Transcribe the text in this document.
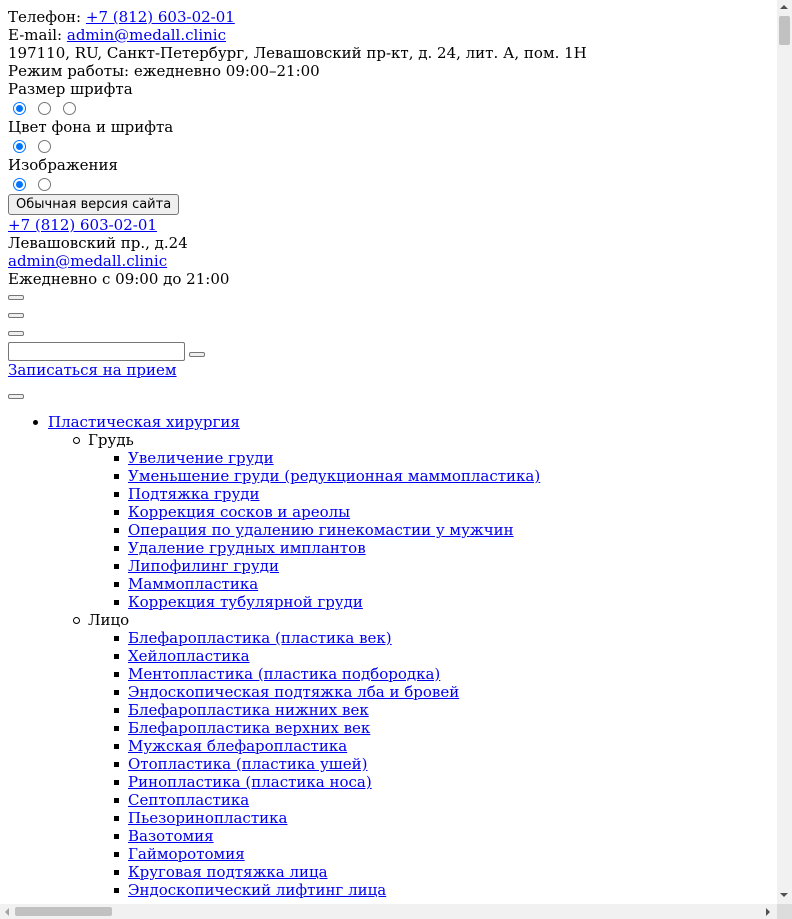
Телефон: +7 (812) 603-02-01
E-mail: admin@medall.clinic
197110, RU, Санкт-Петербург, Левашовский пр-кт, д. 24, лит. А, пом. 1Н
Режим работы: ежедневно 09:00–21:00
Размер шрифта
Цвет фона и шрифта
Изображения
Обычная версия сайта
+7 (812) 603-02-01
Левашовский пр., д.24
admin@medall.clinic
Ежедневно с 09:00 до 21:00
Записаться на прием
Пластическая хирургия
Грудь
Увеличение груди
Уменьшение груди (редукционная маммопластика)
Подтяжка груди
Коррекция сосков и ареолы
Операция по удалению гинекомастии у мужчин
Удаление грудных имплантов
Липофилинг груди
Маммопластика
Коррекция тубулярной груди
Лицо
Блефаропластика (пластика век)
Хейлопластика
Ментопластика (пластика подбородка)
Эндоскопическая подтяжка лба и бровей
Блефаропластика нижних век
Блефаропластика верхних век
Мужская блефаропластика
Отопластика (пластика ушей)
Ринопластика (пластика носа)
Септопластика
Пьезоринопластика
Вазотомия
Гайморотомия
Круговая подтяжка лица
Эндоскопический лифтинг лица
